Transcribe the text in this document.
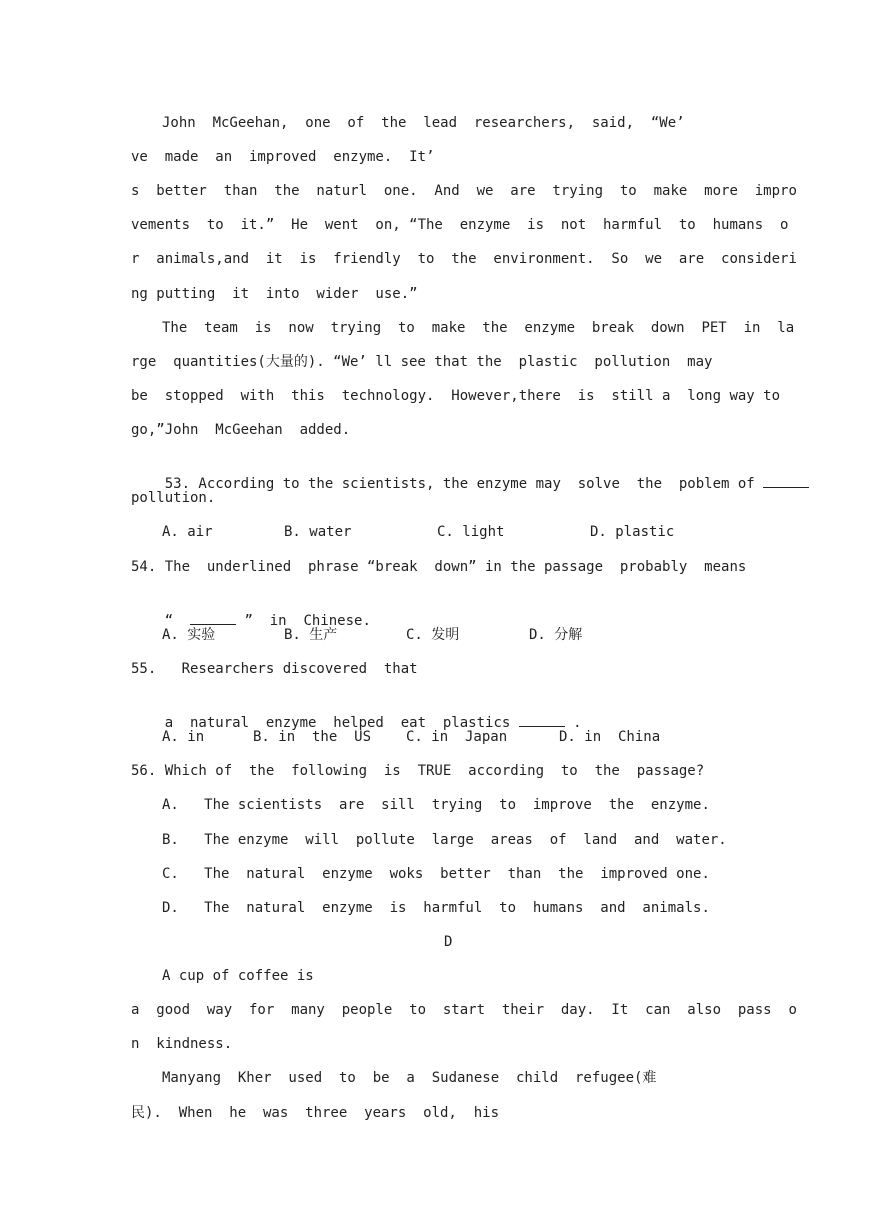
John  McGeehan,  one  of  the  lead  researchers,  said,  “We’
ve  made  an  improved  enzyme.  It’
s  better  than  the  naturl  one.  And  we  are  trying  to  make  more  impro
vements  to  it.”  He  went  on, “The  enzyme  is  not  harmful  to  humans  o
r  animals,and  it  is  friendly  to  the  environment.  So  we  are  consideri
ng putting  it  into  wider  use.”
The  team  is  now  trying  to  make  the  enzyme  break  down  PET  in  la
rge  quantities(大量的). “We’ ll see that the  plastic  pollution  may
be  stopped  with  this  technology.  However,there  is  still a  long way to
go,”John  McGeehan  added.

53. According to the scientists, the enzyme may  solve  the  poblem of

pollution.
A. air	B. water	C. light	D. plastic
54. The  underlined  phrase “break  down” in the passage  probably  means

“	”  in  Chinese.

A. 实验	B. 生产	C. 发明	D. 分解
55.   Researchers discovered  that

a  natural  enzyme  helped  eat  plastics	.

A. in	B. in  the  US C. in  Japan	D. in  China
56. Which of  the  following  is  TRUE  according  to  the  passage?
A.   The scientists  are  sill  trying  to  improve  the  enzyme.
B.   The enzyme  will  pollute  large  areas  of  land  and  water.
C.   The  natural  enzyme  woks  better  than  the  improved one.
D.   The  natural  enzyme  is  harmful  to  humans  and  animals.
D
A cup of coffee is
a  good  way  for  many  people  to  start  their  day.  It  can  also  pass  o
n  kindness.
Manyang  Kher  used  to  be  a  Sudanese  child  refugee(难
民).  When  he  was  three  years  old,  his
